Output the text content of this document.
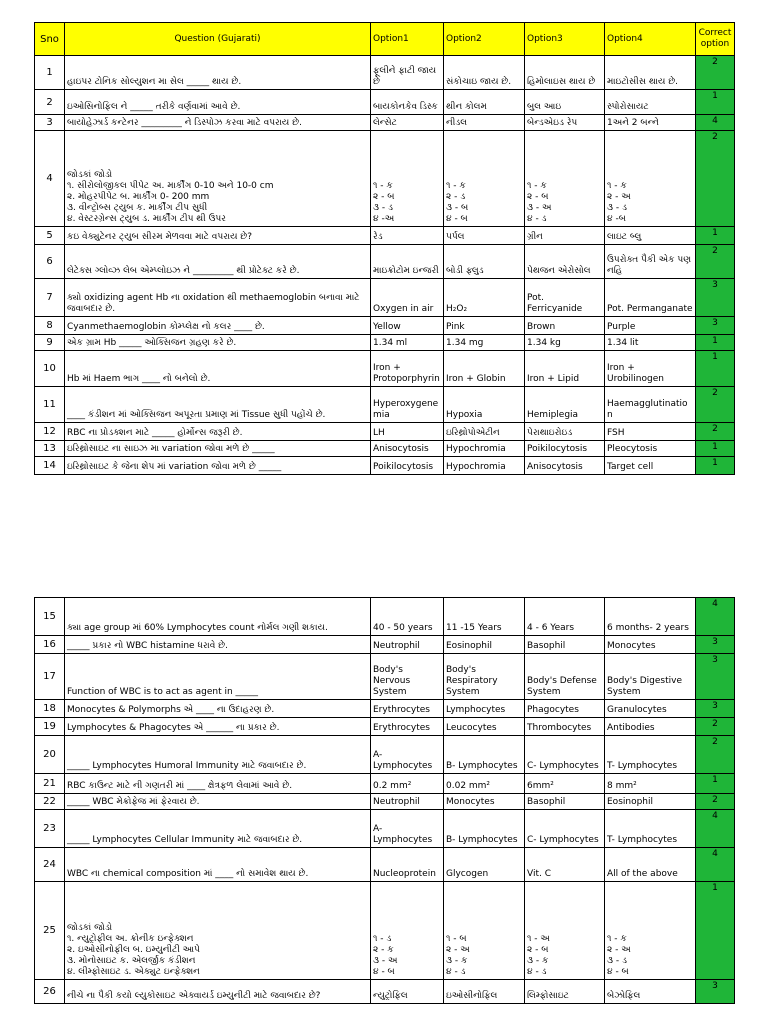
Sno	Question (Gujarati)	Option1	Option2	Option3	Option4	Correct option
1	હાઇપર ટોનિક સોલ્યુશન મા સેલ _____ થાય છે.	ફૂલીને ફાટી જાય છે	સંકોચાઇ જાય છે.	હિમોલાઇસ થાય છે	માઇટોસીસ થાય છે.	2
2	ઇઓસિનોફિલ ને _____ તરીકે વર્ણવામાં આવે છે.	બાયકોનકેવ ડિસ્ક	થીન કોલમ	બુલ આઇ	સ્પોરોસાયટ	1
3	બાયોહેઝાર્ડ કન્ટેનર _________ ને ડિસ્પોઝ કરવા માટે વપરાય છે.	લેન્સેટ	નીડલ	બેન્ડએઇડ રેપ	1અને 2 બન્ને	4
4	જોડકાં જોડો
૧. સીરોલોજીકલ પીપેટ અ. માર્કીંગ 0-10 અને 10-0 cm
૨. મોહરપીપેટ બ. માર્કીંગ 0- 200 mm
૩. વીન્ટ્રોબ્સ ટ્યુબ ક. માર્કીંગ ટીપ સુધી
૪. વેસ્ટરગ્રેન્સ ટ્યુબ ડ. માર્કીંગ ટીપ થી ઉપર	૧ - ક
૨ - બ
૩ - ડ
૪ -અ	૧ - ક
૨ - ડ
૩ - બ
૪ - બ	૧ - ક
૨ - બ
૩ - અ
૪ - ડ	૧ - ક
૨ - અ
૩ - ડ
૪ -બ	2
5	કઇ વેક્યુટેનર ટ્યુબ સીરમ મેળવવા માટે વપરાય છે?	રેડ	પર્પલ	ગ્રીન	લાઇટ બ્લુ	1
6	લેટેક્સ ગ્લોવ્ઝ લેબ એમ્પ્લોઇઝ ને _________ થી પ્રોટેક્ટ કરે છે.	માઇક્રોટોમ ઇન્જરી	બોડી ફ્લુડ	પેથજન એરોસોલ	ઉપરોક્ત પૈકી એક પણ નહિ	2
7	ક્યો oxidizing agent Hb ના oxidation થી methaemoglobin બનાવા માટે જવાબદાર છે.	Oxygen in air	H₂O₂	Pot. Ferricyanide	Pot. Permanganate	3
8	Cyanmethaemoglobin કોમ્પ્લેક્ષ નો કલર ____ છે.	Yellow	Pink	Brown	Purple	3
9	એક ગ્રામ Hb _____ ઓક્સિજન ગ્રહણ કરે છે.	1.34 ml	1.34 mg	1.34 kg	1.34 lit	1
10	Hb માં Haem ભાગ ____ નો બનેલો છે.	Iron +
Protoporphyrin	Iron + Globin	Iron + Lipid	Iron + Urobilinogen	1
11	____ કંડીશન માં ઓક્સિજન અપૂરતા પ્રમાણ માં Tissue સુધી પહોંચે છે.	Hyperoxygenemia	Hypoxia	Hemiplegia	Haemagglutination	2
12	RBC ના પ્રોડક્શન માટે _____ હોર્મોન્સ જરૂરી છે.	LH	ઇરિથ્રોપોએટીન	પેરાથાઇરોઇડ	FSH	2
13	ઇરિથ્રોસાઇટ ના સાઇઝ મા variation જોવા મળે છે _____	Anisocytosis	Hypochromia	Poikilocytosis	Pleocytosis	1
14	ઇરિથ્રોસાઇટ કે જેના શેપ માં variation જોવા મળે છે _____	Poikilocytosis	Hypochromia	Anisocytosis	Target cell	1
15	ક્યા age group માં 60% Lymphocytes count નોર્મલ ગણી શકાય.	40 - 50 years	11 -15 Years	4 - 6 Years	6 months- 2 years	4
16	_____ પ્રકાર નો WBC histamine ધરાવે છે.	Neutrophil	Eosinophil	Basophil	Monocytes	3
17	Function of WBC is to act as agent in _____	Body's Nervous System	Body's Respiratory System	Body's Defense System	Body's Digestive System	3
18	Monocytes & Polymorphs એ ____ ના ઉદાહરણ છે.	Erythrocytes	Lymphocytes	Phagocytes	Granulocytes	3
19	Lymphocytes & Phagocytes એ ______ ના પ્રકાર છે.	Erythrocytes	Leucocytes	Thrombocytes	Antibodies	2
20	_____ Lymphocytes Humoral Immunity માટે જવાબદાર છે.	A- Lymphocytes	B- Lymphocytes	C- Lymphocytes	T- Lymphocytes	2
21	RBC કાઉન્ટ માટે ની ગણતરી માં ____ ક્ષેત્રફળ લેવામાં આવે છે.	0.2 mm²	0.02 mm²	6mm²	8 mm²	1
22	_____ WBC મેક્રોફેજ માં ફેરવાય છે.	Neutrophil	Monocytes	Basophil	Eosinophil	2
23	_____ Lymphocytes Cellular Immunity માટે જવાબદાર છે.	A- Lymphocytes	B- Lymphocytes	C- Lymphocytes	T- Lymphocytes	4
24	WBC ના chemical composition માં ____ નો સમાવેશ થાય છે.	Nucleoprotein	Glycogen	Vit. C	All of the above	4
25	જોડકાં જોડો
૧. ન્યુટ્રોફીલ અ. ક્રોનીક ઇન્ફેક્શન
૨. ઇઓસીનોફીલ બ. ઇમ્યુનીટી આપે
૩. મોનોસાઇટ ક. એલર્જીક કંડીશન
૪. લીમ્ફોસાઇટ ડ. એક્યુટ ઇન્ફેક્શન	૧ - ડ
૨ - ક
૩ - અ
૪ - બ	૧ - બ
૨ - અ
૩ - ક
૪ - ડ	૧ - અ
૨ - બ
૩ - ક
૪ - ડ	૧ - ક
૨ - અ
૩ - ડ
૪ - બ	1
26	નીચે ના પૈકી કયો લ્યુકોસાઇટ એક્વાયર્ડ ઇમ્યુનીટી માટે જવાબદાર છે?	ન્યુટ્રોફિલ	ઇઓસીનોફિલ	લિમ્ફોસાઇટ	બેઝોફિલ	3
